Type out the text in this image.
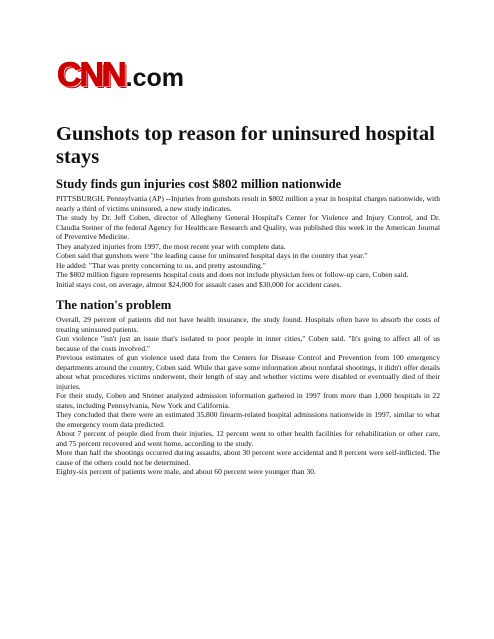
CNN .com
Gunshots top reason for uninsured hospital stays
Study finds gun injuries cost $802 million nationwide

PITTSBURGH, Pennsylvania (AP) --Injuries from gunshots result in $802 million a year in hospital charges nationwide, with nearly a third of victims uninsured, a new study indicates.

The study by Dr. Jeff Coben, director of Allegheny General Hospital's Center for Violence and Injury Control, and Dr. Claudia Steiner of the federal Agency for Healthcare Research and Quality, was published this week in the American Journal of Preventive Medicine.

They analyzed injuries from 1997, the most recent year with complete data.

Coben said that gunshots were "the leading cause for uninsured hospital days in the country that year."

He added: "That was pretty concerning to us, and pretty astounding."

The $802 million figure represents hospital costs and does not include physician fees or follow-up care, Coben said.

Initial stays cost, on average, almost $24,000 for assault cases and $30,000 for accident cases.

The nation's problem

Overall, 29 percent of patients did not have health insurance, the study found. Hospitals often have to absorb the costs of treating uninsured patients.

Gun violence "isn't just an issue that's isolated to poor people in inner cities," Coben said. "It's going to affect all of us because of the costs involved."

Previous estimates of gun violence used data from the Centers for Disease Control and Prevention from 100 emergency departments around the country, Coben said. While that gave some information about nonfatal shootings, it didn't offer details about what procedures victims underwent, their length of stay and whether victims were disabled or eventually died of their injuries.

For their study, Coben and Steiner analyzed admission information gathered in 1997 from more than 1,000 hospitals in 22 states, including Pennsylvania, New York and California.

They concluded that there were an estimated 35,800 firearm-related hospital admissions nationwide in 1997, similar to what the emergency room data predicted.

About 7 percent of people died from their injuries, 12 percent went to other health facilities for rehabilitation or other care, and 75 percent recovered and went home, according to the study.

More than half the shootings occurred during assaults, about 30 percent were accidental and 8 percent were self-inflicted. The cause of the others could not be determined.

Eighty-six percent of patients were male, and about 60 percent were younger than 30.
